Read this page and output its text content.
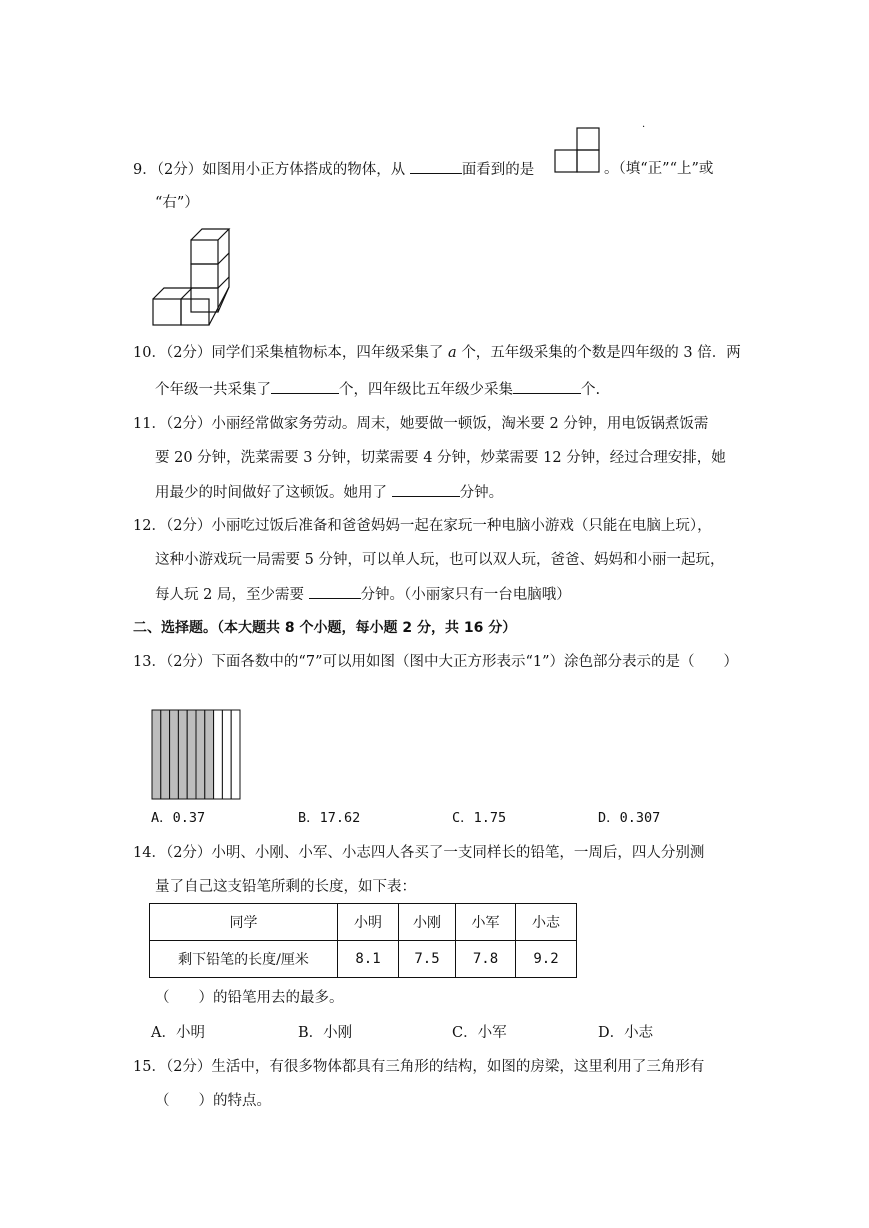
·
9．（2分）如图用小正方体搭成的物体，从	面看到的是	。（填“正”“上”或
“右”）
10．（2分）同学们采集植物标本，四年级采集了 a 个，五年级采集的个数是四年级的 3 倍．两
个年级一共采集了	个，四年级比五年级少采集	个.
11．（2分）小丽经常做家务劳动。周末，她要做一顿饭，淘米要 2 分钟，用电饭锅煮饭需
要 20 分钟，洗菜需要 3 分钟，切菜需要 4 分钟，炒菜需要 12 分钟，经过合理安排，她
用最少的时间做好了这顿饭。她用了	分钟。
12．（2分）小丽吃过饭后准备和爸爸妈妈一起在家玩一种电脑小游戏（只能在电脑上玩），
这种小游戏玩一局需要 5 分钟，可以单人玩，也可以双人玩，爸爸、妈妈和小丽一起玩，
每人玩 2 局，至少需要	分钟。（小丽家只有一台电脑哦）
二、选择题。（本大题共 8 个小题，每小题 2 分，共 16 分）
13．（2分）下面各数中的“7”可以用如图（图中大正方形表示“1”）涂色部分表示的是（　　）
A．0.37	B．17.62	C．1.75	D．0.307
14．（2分）小明、小刚、小军、小志四人各买了一支同样长的铅笔，一周后，四人分别测
量了自己这支铅笔所剩的长度，如下表：
同学	小明	小刚	小军	小志
剩下铅笔的长度/厘米	8.1	7.5	7.8	9.2
（　　）的铅笔用去的最多。
A．小明	B．小刚	C．小军	D．小志
15．（2分）生活中，有很多物体都具有三角形的结构，如图的房梁，这里利用了三角形有
（　　）的特点。
